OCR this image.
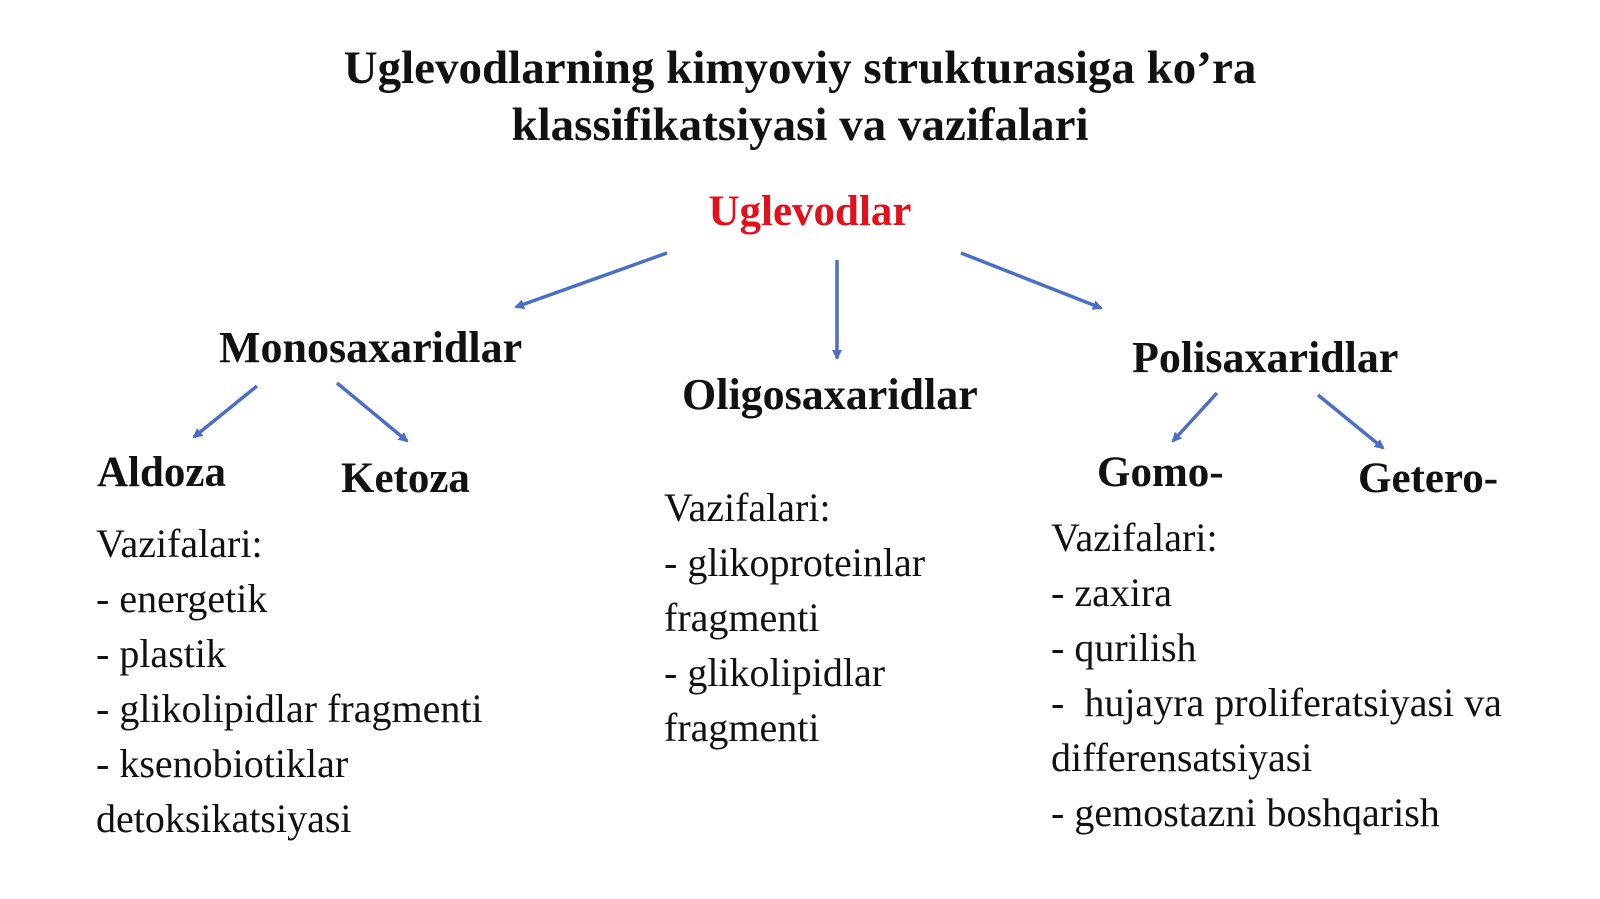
Uglevodlarning kimyoviy strukturasiga ko’ra
klassifikatsiyasi va vazifalari
Uglevodlar
Monosaxaridlar
Oligosaxaridlar
Polisaxaridlar
Aldoza	Ketoza	Gomo-	Getero-
Vazifalari:
- energetik
- plastik
- glikolipidlar fragmenti
- ksenobiotiklar
detoksikatsiyasi
Vazifalari:
- glikoproteinlar
fragmenti
- glikolipidlar
fragmenti
Vazifalari:
- zaxira
- qurilish
-  hujayra proliferatsiyasi va
differensatsiyasi
- gemostazni boshqarish
